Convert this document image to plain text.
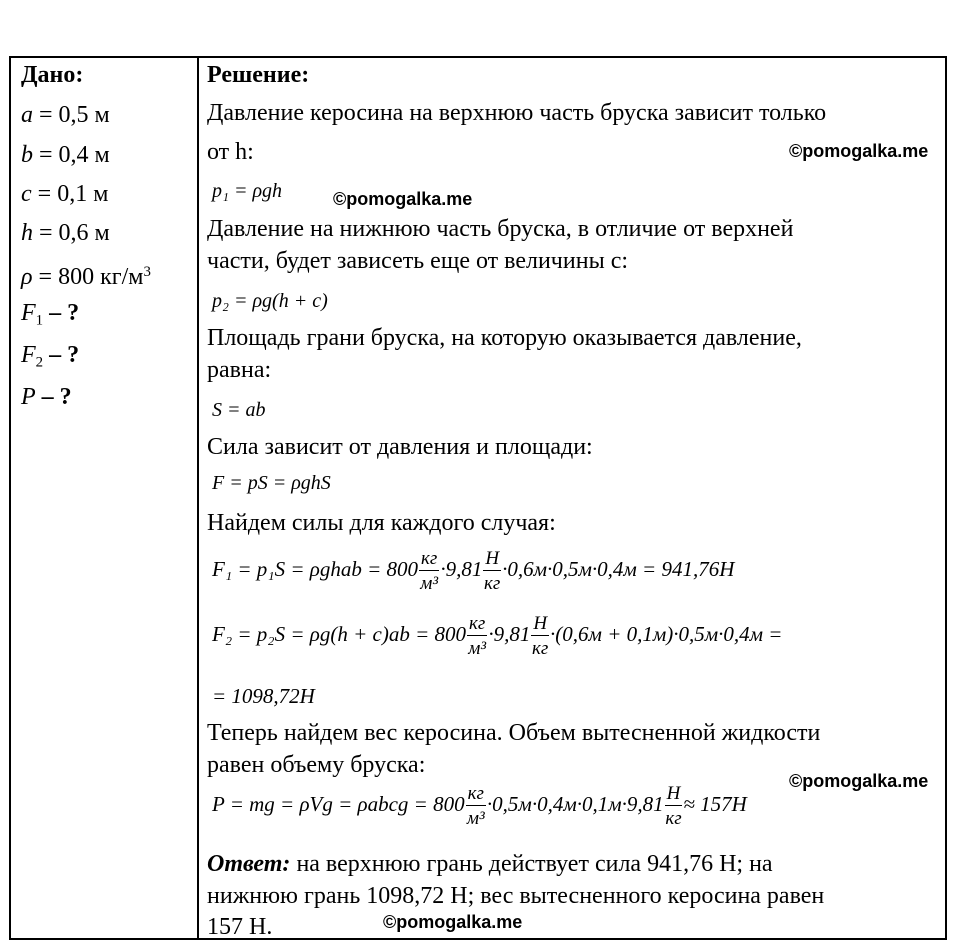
Дано:
a = 0,5 м
b = 0,4 м
c = 0,1 м
h = 0,6 м
ρ = 800 $кг/м^3$
$F_1$ – ?
$F_2$ – ?
P – ?
Решение:
Давление керосина на верхнюю часть бруска зависит только
от h:
p₁ = ρgh
Давление на нижнюю часть бруска, в отличие от верхней
части, будет зависеть еще от величины с:
p₂ = ρg(h + c)
Площадь грани бруска, на которую оказывается давление,
равна:
S = ab
Сила зависит от давления и площади:
F = pS = ρghS
Найдем силы для каждого случая:
F₁ = p₁S = ρghab = $800 \frac{кг}{\text{м³}} \cdot 9,81 \frac{Н}{кг} \cdot 0,6м\cdot 0,5м\cdot 0,4м = 941,76Н$
$F_2 = p_2S = \rho g(h + c)ab = 800 \frac{кг}{\text{м³}} \cdot 9,81 \frac{Н}{кг} \cdot(0,6м + 0,1м)\cdot 0,5м\cdot 0,4м$ =
= 1098,72Н
Теперь найдем вес керосина. Объем вытесненной жидкости
равен объему бруска:
P = mg = ρVg = ρabcg = $800 \frac{кг}{\text{м³}} \cdot 0,5м\cdot 0,4м\cdot 0,1м\cdot 9,81 \frac{Н}{кг} \approx 157Н$
Ответ: на верхнюю грань действует сила 941,76 Н; на
нижнюю грань 1098,72 Н; вес вытесненного керосина равен
157 Н.
©pomogalka.me
©pomogalka.me
©pomogalka.me
©pomogalka.me
